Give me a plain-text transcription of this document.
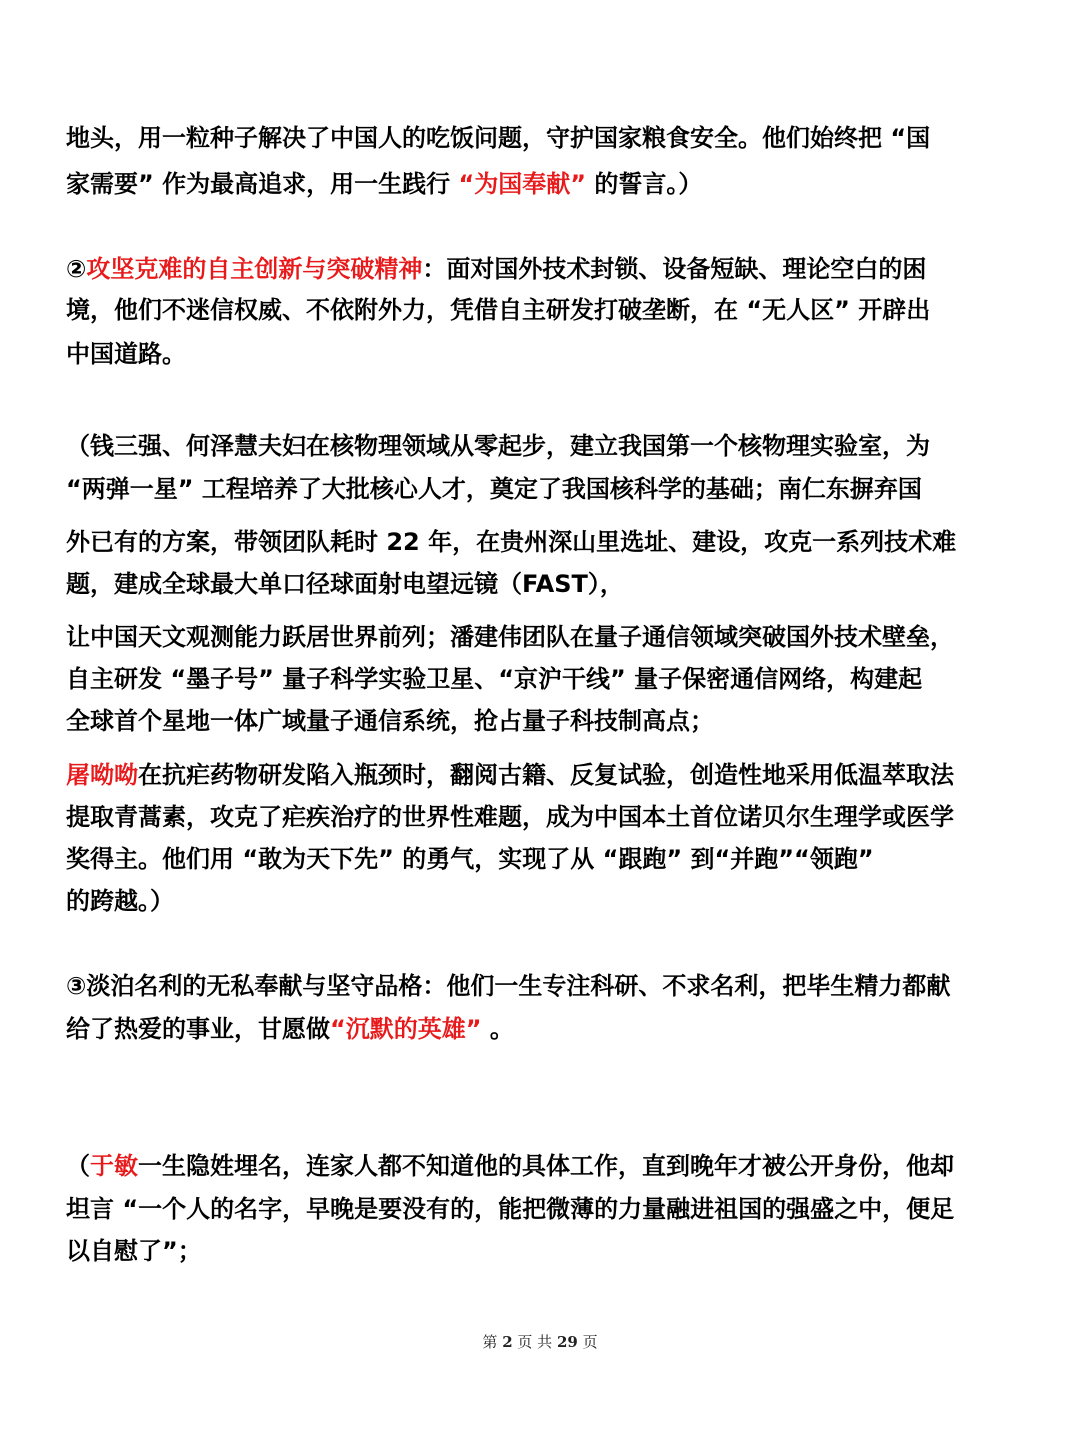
地头，用一粒种子解决了中国人的吃饭问题，守护国家粮食安全。他们始终把 “国
家需要” 作为最高追求，用一生践行 “为国奉献” 的誓言。）
②攻坚克难的自主创新与突破精神：面对国外技术封锁、设备短缺、理论空白的困
境，他们不迷信权威、不依附外力，凭借自主研发打破垄断，在 “无人区” 开辟出
中国道路。
（钱三强、何泽慧夫妇在核物理领域从零起步，建立我国第一个核物理实验室，为
“两弹一星” 工程培养了大批核心人才，奠定了我国核科学的基础；南仁东摒弃国
外已有的方案，带领团队耗时 22 年，在贵州深山里选址、建设，攻克一系列技术难
题，建成全球最大单口径球面射电望远镜（FAST），
让中国天文观测能力跃居世界前列；潘建伟团队在量子通信领域突破国外技术壁垒，
自主研发 “墨子号” 量子科学实验卫星、“京沪干线” 量子保密通信网络，构建起
全球首个星地一体广域量子通信系统，抢占量子科技制高点；
屠呦呦在抗疟药物研发陷入瓶颈时，翻阅古籍、反复试验，创造性地采用低温萃取法
提取青蒿素，攻克了疟疾治疗的世界性难题，成为中国本土首位诺贝尔生理学或医学
奖得主。他们用 “敢为天下先” 的勇气，实现了从 “跟跑” 到“并跑”“领跑”
的跨越。）
③淡泊名利的无私奉献与坚守品格：他们一生专注科研、不求名利，把毕生精力都献
给了热爱的事业，甘愿做“沉默的英雄” 。
（于敏一生隐姓埋名，连家人都不知道他的具体工作，直到晚年才被公开身份，他却
坦言 “一个人的名字，早晚是要没有的，能把微薄的力量融进祖国的强盛之中，便足
以自慰了”；
第 2 页 共 29 页
